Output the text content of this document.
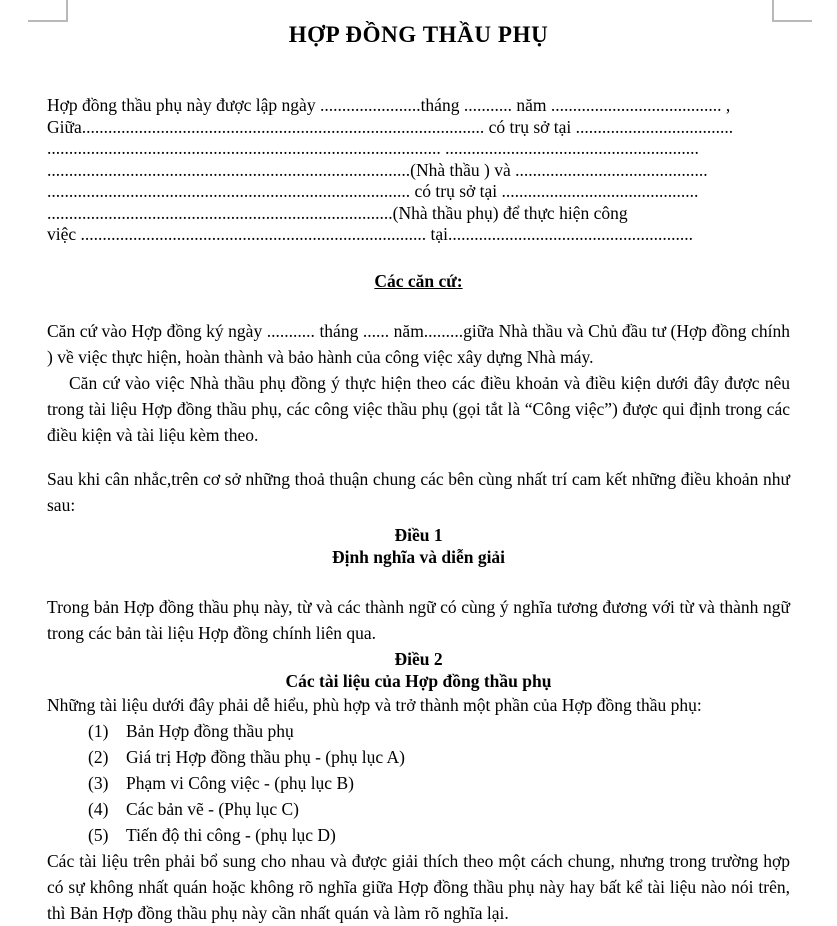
HỢP ĐỒNG THẦU PHỤ
Hợp đồng thầu phụ này được lập ngày .......................tháng ........... năm ....................................... ,
Giữa............................................................................................ có trụ sở tại ....................................
.......................................................................................... ..........................................................
...................................................................................(Nhà thầu ) và ............................................
................................................................................... có trụ sở tại .............................................
...............................................................................(Nhà thầu phụ) để thực hiện công
việc ............................................................................... tại........................................................
Các căn cứ:

Căn cứ vào Hợp đồng ký ngày ........... tháng ...... năm.........giữa Nhà thầu và Chủ đầu tư (Hợp đồng chính ) về việc thực hiện, hoàn thành và bảo hành của công việc xây dựng Nhà máy.

Căn cứ vào việc Nhà thầu phụ đồng ý thực hiện theo các điều khoản và điều kiện dưới đây được nêu trong tài liệu Hợp đồng thầu phụ, các công việc thầu phụ (gọi tắt là “Công việc”) được qui định trong các điều kiện và tài liệu kèm theo.

Sau khi cân nhắc,trên cơ sở những thoả thuận chung các bên cùng nhất trí cam kết những điều khoản như sau:

Điều 1
Định nghĩa và diễn giải

Trong bản Hợp đồng thầu phụ này, từ và các thành ngữ có cùng ý nghĩa tương đương với từ và thành ngữ trong các bản tài liệu Hợp đồng chính liên qua.

Điều 2
Các tài liệu của Hợp đồng thầu phụ

Những tài liệu dưới đây phải dễ hiểu, phù hợp và trở thành một phần của Hợp đồng thầu phụ:

(1)	Bản Hợp đồng thầu phụ
(2)	Giá trị Hợp đồng thầu phụ - (phụ lục A)
(3)	Phạm vi Công việc - (phụ lục B)
(4)	Các bản vẽ - (Phụ lục C)
(5)	Tiến độ thi công - (phụ lục D)

Các tài liệu trên phải bổ sung cho nhau và được giải thích theo một cách chung, nhưng trong trường hợp có sự không nhất quán hoặc không rõ nghĩa giữa Hợp đồng thầu phụ này hay bất kể tài liệu nào nói trên, thì Bản Hợp đồng thầu phụ này cần nhất quán và làm rõ nghĩa lại.
